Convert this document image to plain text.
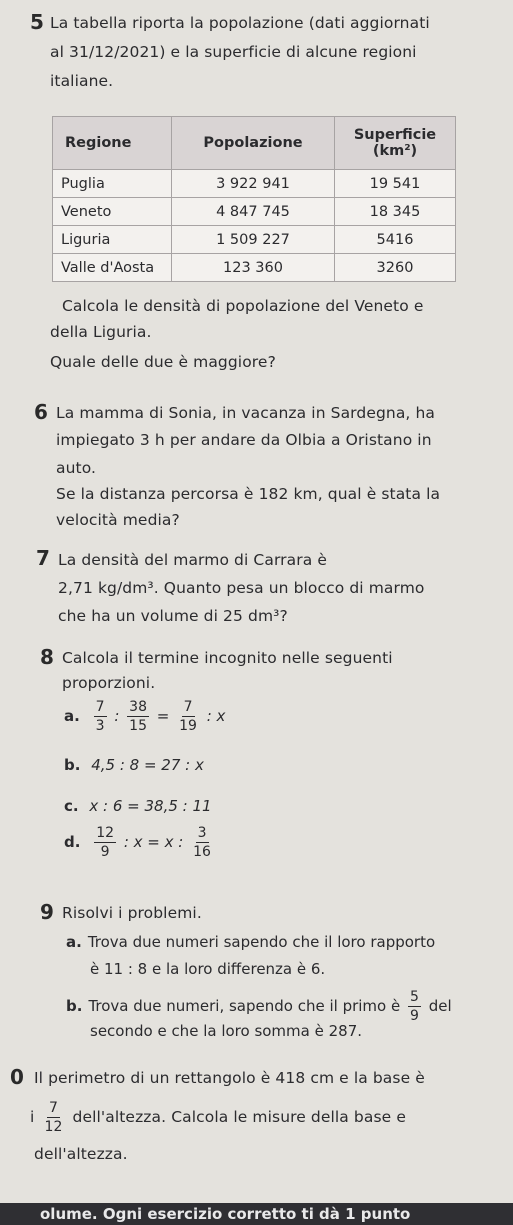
5 La tabella riporta la popolazione (dati aggiornati
al 31/12/2021) e la superficie di alcune regioni
italiane.
Regione	Popolazione	Superficie
(km²)

Puglia	3 922 941	19 541
Veneto	4 847 745	18 345
Liguria	1 509 227	5416
Valle d'Aosta	123 360	3260
Calcola le densità di popolazione del Veneto e
della Liguria.
Quale delle due è maggiore?
6 La mamma di Sonia, in vacanza in Sardegna, ha
impiegato 3 h per andare da Olbia a Oristano in
auto.
Se la distanza percorsa è 182 km, qual è stata la
velocità media?
7 La densità del marmo di Carrara è
2,71 kg/dm³. Quanto pesa un blocco di marmo
che ha un volume di 25 dm³?
8 Calcola il termine incognito nelle seguenti
proporzioni.
a. $\frac{7}{3}$ : $\frac{38}{15} = \frac{7}{19}$ : x
b. 4,5 : 8 = 27 : x
c. x : 6 = 38,5 : 11
d. $\frac{12}{9}$ : x = x : $\frac{3}{16}$
9 Risolvi i problemi.
a. Trova due numeri sapendo che il loro rapporto
è 11 : 8 e la loro differenza è 6.
b. Trova due numeri, sapendo che il primo è $\frac{5}{9}$ del
secondo e che la loro somma è 287.
0 Il perimetro di un rettangolo è 418 cm e la base è
i $\frac{7}{12}$ dell'altezza. Calcola le misure della base e
dell'altezza.
olume. Ogni esercizio corretto ti dà 1 punto
